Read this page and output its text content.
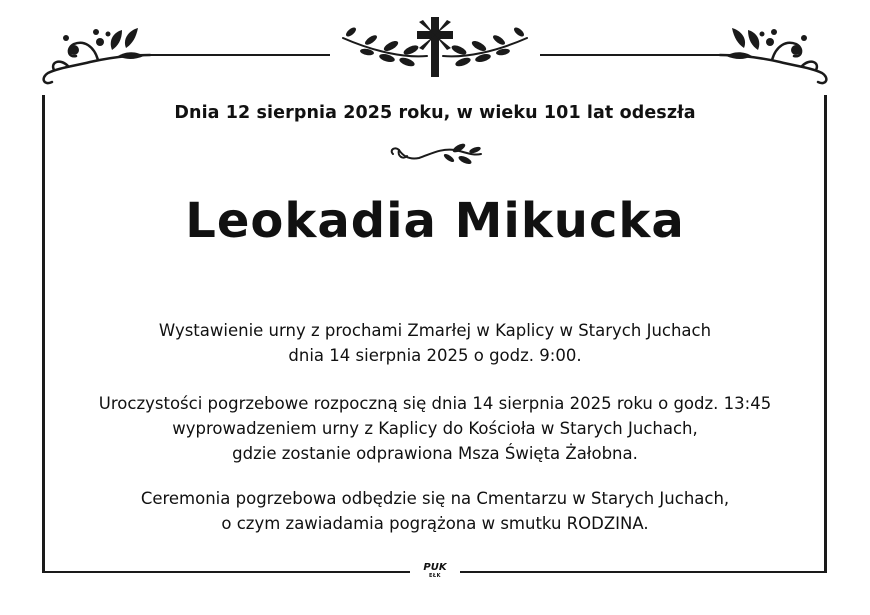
Dnia 12 sierpnia 2025 roku, w wieku 101 lat odeszła
Leokadia Mikucka
Wystawienie urny z prochami Zmarłej w Kaplicy w Starych Juchach
dnia 14 sierpnia 2025 o godz. 9:00.
Uroczystości pogrzebowe rozpoczną się dnia 14 sierpnia 2025 roku o godz. 13:45
wyprowadzeniem urny z Kaplicy do Kościoła w Starych Juchach,
gdzie zostanie odprawiona Msza Święta Żałobna.
Ceremonia pogrzebowa odbędzie się na Cmentarzu w Starych Juchach,
o czym zawiadamia pogrążona w smutku RODZINA.
PUK
EŁK
